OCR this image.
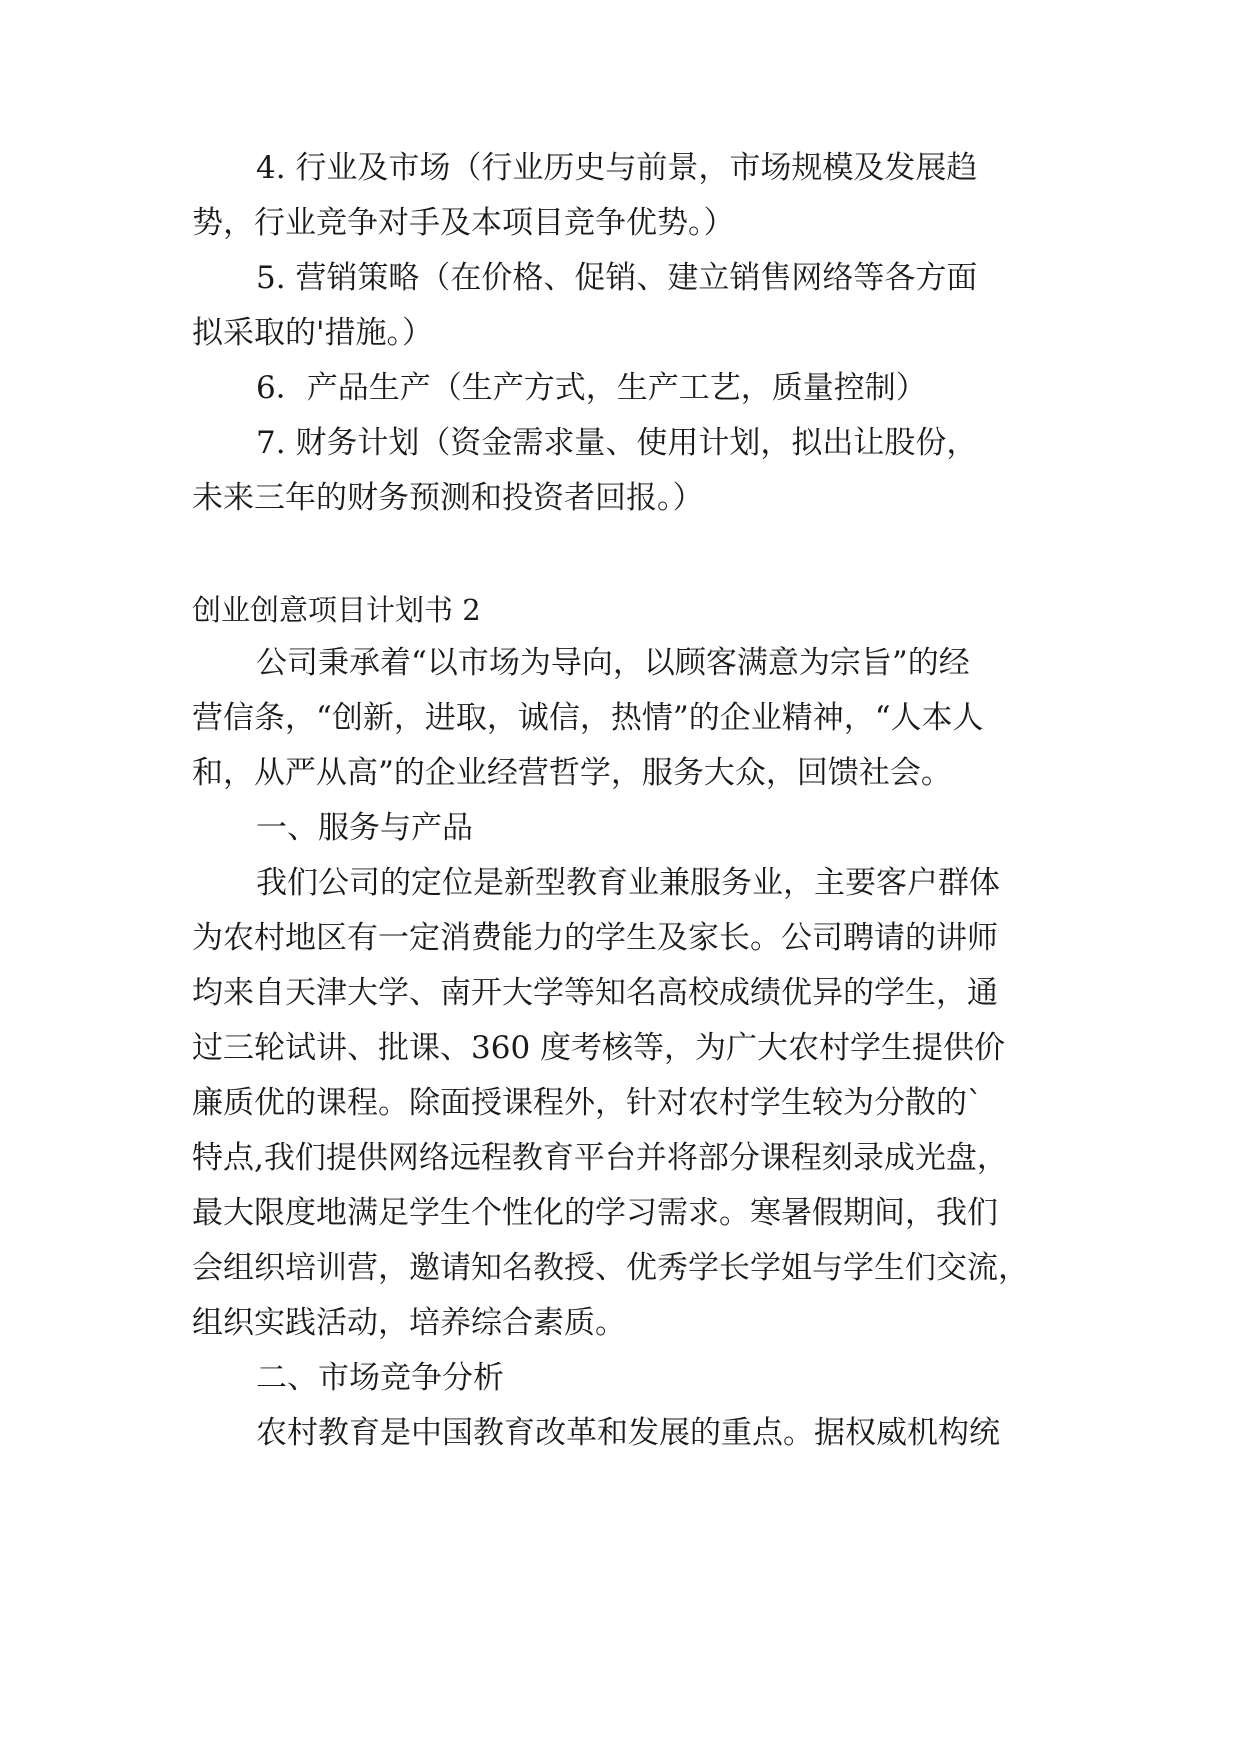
4. 行业及市场（行业历史与前景，市场规模及发展趋
势，行业竞争对手及本项目竞争优势。）
5. 营销策略（在价格、促销、建立销售网络等各方面
拟采取的'措施。）
6．产品生产（生产方式，生产工艺，质量控制）
7. 财务计划（资金需求量、使用计划，拟出让股份，
未来三年的财务预测和投资者回报。）
创业创意项目计划书 2
公司秉承着“以市场为导向，以顾客满意为宗旨”的经
营信条，“创新，进取，诚信，热情”的企业精神，“人本人
和，从严从高”的企业经营哲学，服务大众，回馈社会。
一、服务与产品
我们公司的定位是新型教育业兼服务业，主要客户群体
为农村地区有一定消费能力的学生及家长。公司聘请的讲师
均来自天津大学、南开大学等知名高校成绩优异的学生，通
过三轮试讲、批课、360 度考核等，为广大农村学生提供价
廉质优的课程。除面授课程外，针对农村学生较为分散的`
特点,我们提供网络远程教育平台并将部分课程刻录成光盘，
最大限度地满足学生个性化的学习需求。寒暑假期间，我们
会组织培训营，邀请知名教授、优秀学长学姐与学生们交流，
组织实践活动，培养综合素质。
二、市场竞争分析
农村教育是中国教育改革和发展的重点。据权威机构统
